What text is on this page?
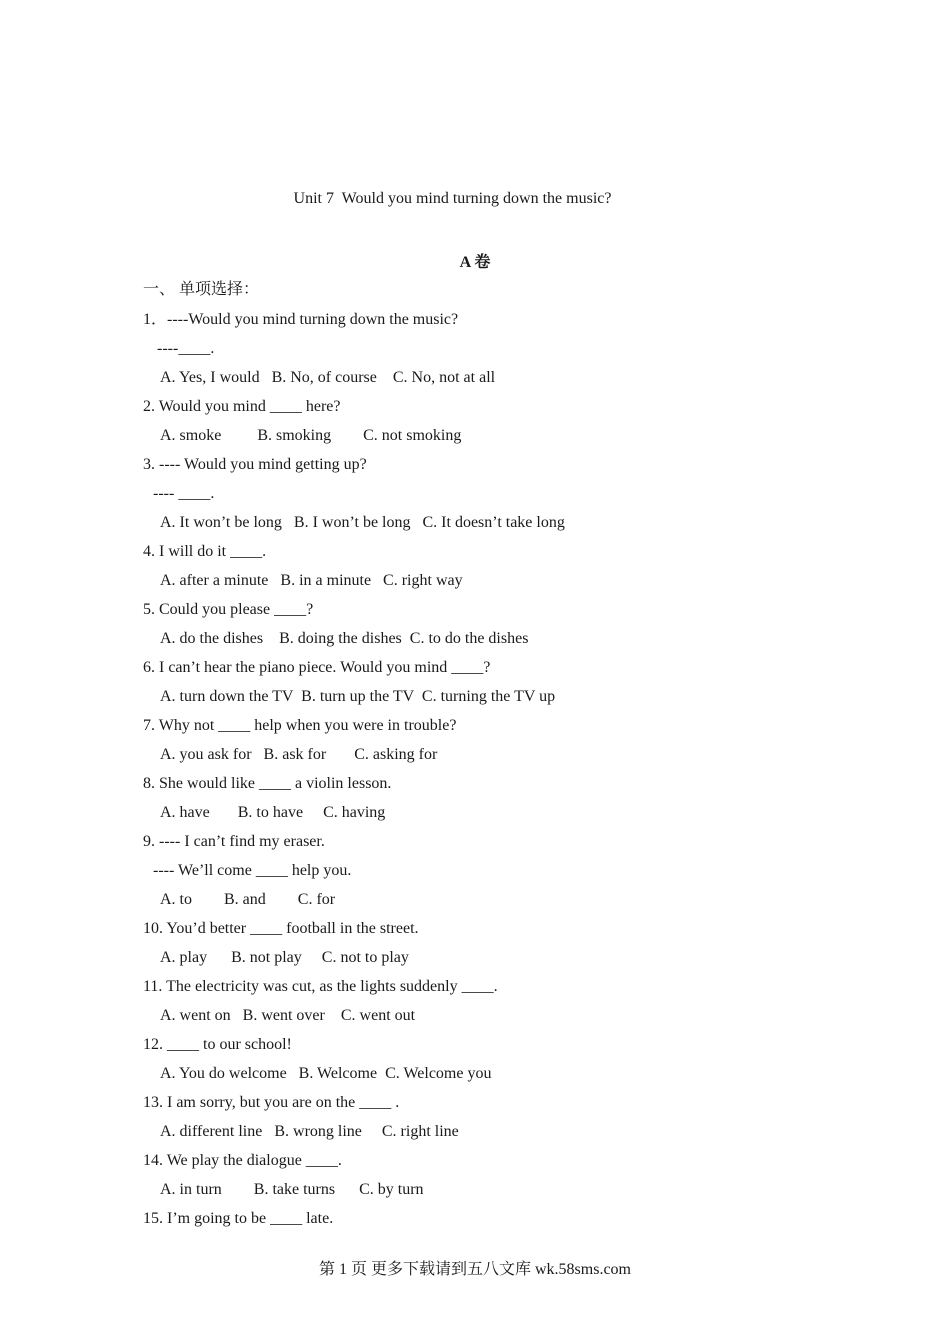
Unit 7  Would you mind turning down the music?
A 卷
一、 单项选择：
1．----Would you mind turning down the music?
----____.
A. Yes, I would   B. No, of course    C. No, not at all
2. Would you mind ____ here?
A. smoke         B. smoking        C. not smoking
3. ---- Would you mind getting up?
---- ____.
A. It won’t be long   B. I won’t be long   C. It doesn’t take long
4. I will do it ____.
A. after a minute   B. in a minute   C. right way
5. Could you please ____?
A. do the dishes    B. doing the dishes  C. to do the dishes
6. I can’t hear the piano piece. Would you mind ____?
A. turn down the TV  B. turn up the TV  C. turning the TV up
7. Why not ____ help when you were in trouble?
A. you ask for   B. ask for       C. asking for
8. She would like ____ a violin lesson.
A. have       B. to have     C. having
9. ---- I can’t find my eraser.
---- We’ll come ____ help you.
A. to        B. and        C. for
10. You’d better ____ football in the street.
A. play      B. not play     C. not to play
11. The electricity was cut, as the lights suddenly ____.
A. went on   B. went over    C. went out
12. ____ to our school!
A. You do welcome   B. Welcome  C. Welcome you
13. I am sorry, but you are on the ____ .
A. different line   B. wrong line     C. right line
14. We play the dialogue ____.
A. in turn        B. take turns      C. by turn
15. I’m going to be ____ late.
第 1 页 更多下载请到五八文库 wk.58sms.com
